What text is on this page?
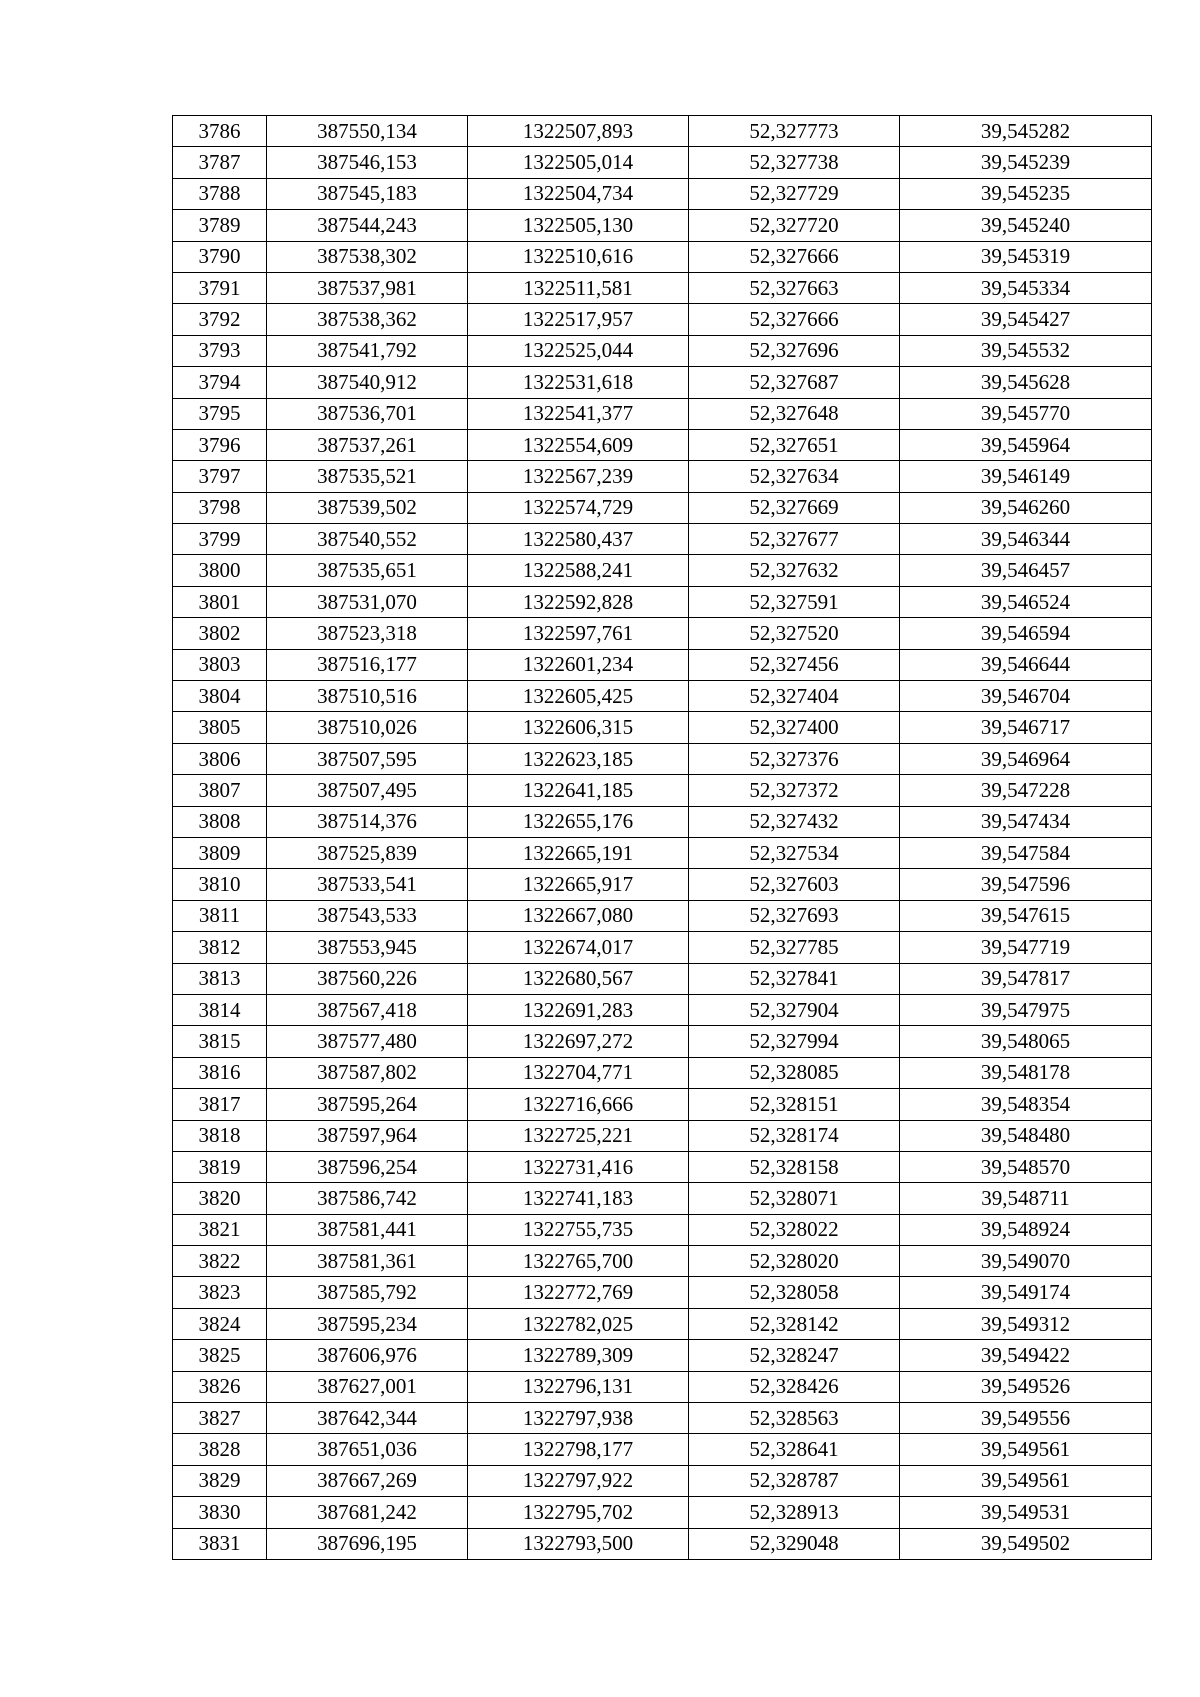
3786	387550,134	1322507,893	52,327773	39,545282
3787	387546,153	1322505,014	52,327738	39,545239
3788	387545,183	1322504,734	52,327729	39,545235
3789	387544,243	1322505,130	52,327720	39,545240
3790	387538,302	1322510,616	52,327666	39,545319
3791	387537,981	1322511,581	52,327663	39,545334
3792	387538,362	1322517,957	52,327666	39,545427
3793	387541,792	1322525,044	52,327696	39,545532
3794	387540,912	1322531,618	52,327687	39,545628
3795	387536,701	1322541,377	52,327648	39,545770
3796	387537,261	1322554,609	52,327651	39,545964
3797	387535,521	1322567,239	52,327634	39,546149
3798	387539,502	1322574,729	52,327669	39,546260
3799	387540,552	1322580,437	52,327677	39,546344
3800	387535,651	1322588,241	52,327632	39,546457
3801	387531,070	1322592,828	52,327591	39,546524
3802	387523,318	1322597,761	52,327520	39,546594
3803	387516,177	1322601,234	52,327456	39,546644
3804	387510,516	1322605,425	52,327404	39,546704
3805	387510,026	1322606,315	52,327400	39,546717
3806	387507,595	1322623,185	52,327376	39,546964
3807	387507,495	1322641,185	52,327372	39,547228
3808	387514,376	1322655,176	52,327432	39,547434
3809	387525,839	1322665,191	52,327534	39,547584
3810	387533,541	1322665,917	52,327603	39,547596
3811	387543,533	1322667,080	52,327693	39,547615
3812	387553,945	1322674,017	52,327785	39,547719
3813	387560,226	1322680,567	52,327841	39,547817
3814	387567,418	1322691,283	52,327904	39,547975
3815	387577,480	1322697,272	52,327994	39,548065
3816	387587,802	1322704,771	52,328085	39,548178
3817	387595,264	1322716,666	52,328151	39,548354
3818	387597,964	1322725,221	52,328174	39,548480
3819	387596,254	1322731,416	52,328158	39,548570
3820	387586,742	1322741,183	52,328071	39,548711
3821	387581,441	1322755,735	52,328022	39,548924
3822	387581,361	1322765,700	52,328020	39,549070
3823	387585,792	1322772,769	52,328058	39,549174
3824	387595,234	1322782,025	52,328142	39,549312
3825	387606,976	1322789,309	52,328247	39,549422
3826	387627,001	1322796,131	52,328426	39,549526
3827	387642,344	1322797,938	52,328563	39,549556
3828	387651,036	1322798,177	52,328641	39,549561
3829	387667,269	1322797,922	52,328787	39,549561
3830	387681,242	1322795,702	52,328913	39,549531
3831	387696,195	1322793,500	52,329048	39,549502
